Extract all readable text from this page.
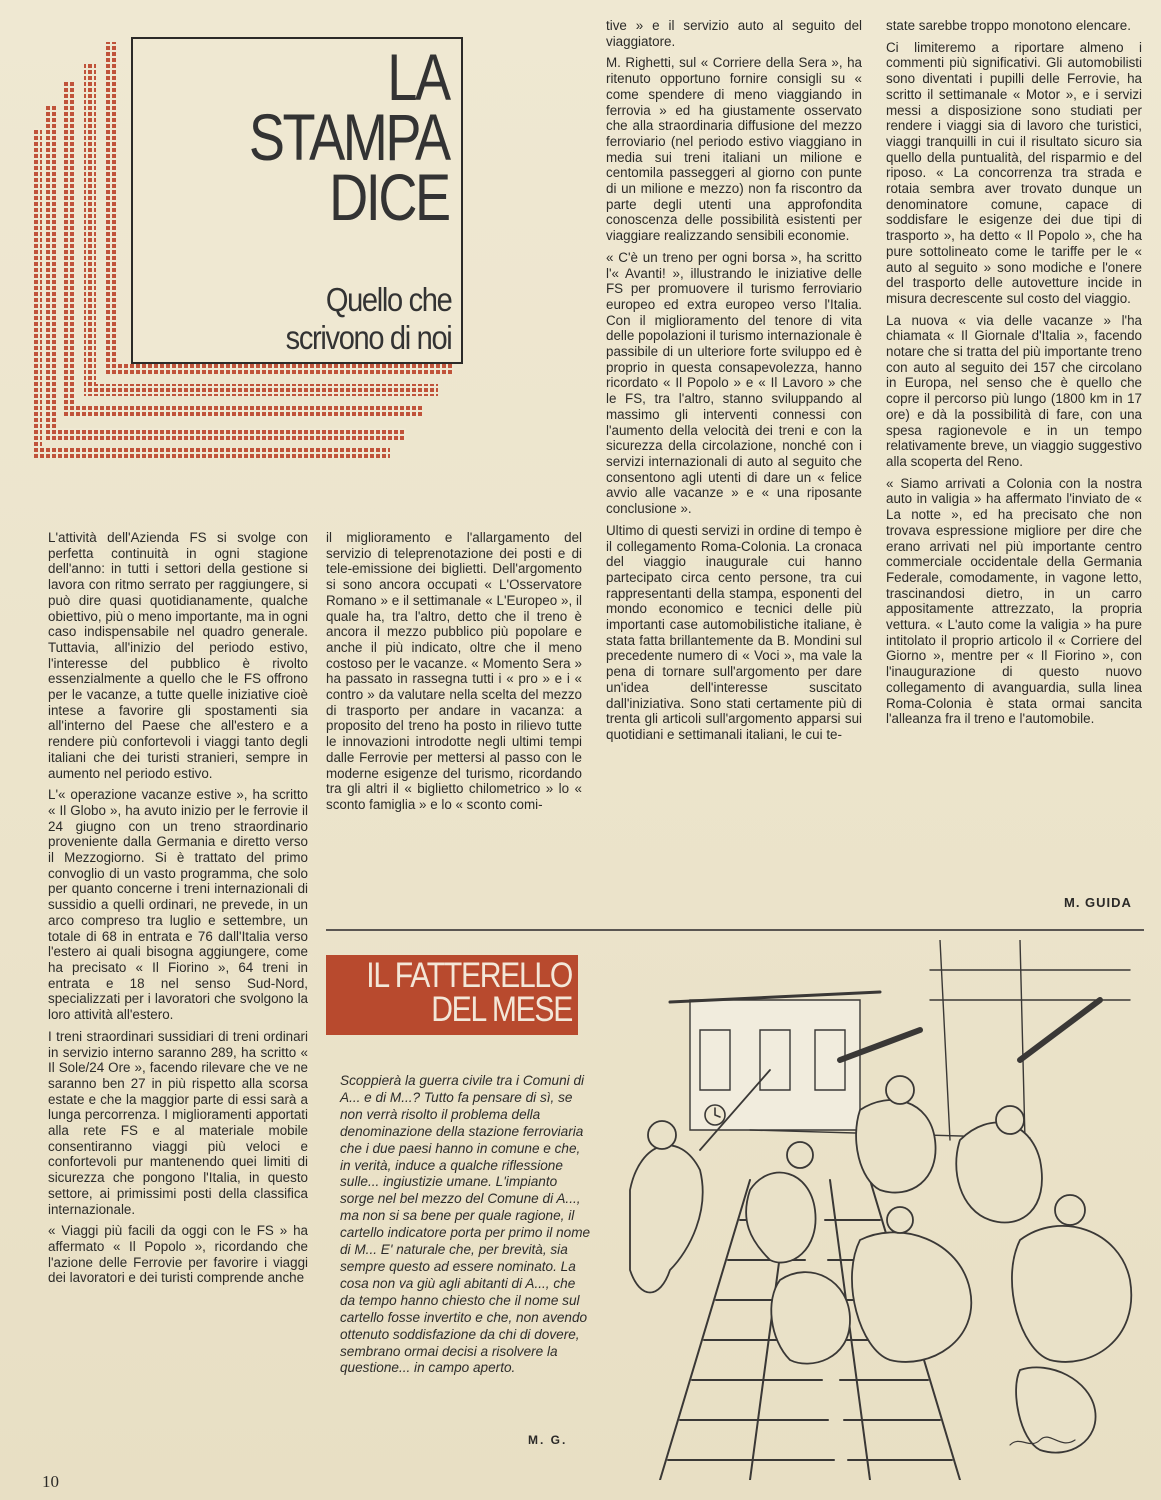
LA
STAMPA
DICE
Quello che
scrivono di noi

L'attività dell'Azienda FS si svolge con perfetta continuità in ogni stagione dell'anno: in tutti i settori della gestione si lavora con ritmo serrato per raggiungere, si può dire quasi quotidianamente, qualche obiettivo, più o meno importante, ma in ogni caso indispensabile nel quadro generale. Tuttavia, all'inizio del periodo estivo, l'interesse del pubblico è rivolto essenzialmente a quello che le FS offrono per le vacanze, a tutte quelle iniziative cioè intese a favorire gli spostamenti sia all'interno del Paese che all'estero e a rendere più confortevoli i viaggi tanto degli italiani che dei turisti stranieri, sempre in aumento nel periodo estivo.

L'« operazione vacanze estive », ha scritto « Il Globo », ha avuto inizio per le ferrovie il 24 giugno con un treno straordinario proveniente dalla Germania e diretto verso il Mezzogiorno. Si è trattato del primo convoglio di un vasto programma, che solo per quanto concerne i treni internazionali di sussidio a quelli ordinari, ne prevede, in un arco compreso tra luglio e settembre, un totale di 68 in entrata e 76 dall'Italia verso l'estero ai quali bisogna aggiungere, come ha precisato « Il Fiorino », 64 treni in entrata e 18 nel senso Sud-Nord, specializzati per i lavoratori che svolgono la loro attività all'estero.

I treni straordinari sussidiari di treni ordinari in servizio interno saranno 289, ha scritto « Il Sole/24 Ore », facendo rilevare che ve ne saranno ben 27 in più rispetto alla scorsa estate e che la maggior parte di essi sarà a lunga percorrenza. I miglioramenti apportati alla rete FS e al materiale mobile consentiranno viaggi più veloci e confortevoli pur mantenendo quei limiti di sicurezza che pongono l'Italia, in questo settore, ai primissimi posti della classifica internazionale.

« Viaggi più facili da oggi con le FS » ha affermato « Il Popolo », ricordando che l'azione delle Ferrovie per favorire i viaggi dei lavoratori e dei turisti comprende anche

il miglioramento e l'allargamento del servizio di teleprenotazione dei posti e di tele-emissione dei biglietti. Dell'argomento si sono ancora occupati « L'Osservatore Romano » e il settimanale « L'Europeo », il quale ha, tra l'altro, detto che il treno è ancora il mezzo pubblico più popolare e anche il più indicato, oltre che il meno costoso per le vacanze. « Momento Sera » ha passato in rassegna tutti i « pro » e i « contro » da valutare nella scelta del mezzo di trasporto per andare in vacanza: a proposito del treno ha posto in rilievo tutte le innovazioni introdotte negli ultimi tempi dalle Ferrovie per mettersi al passo con le moderne esigenze del turismo, ricordando tra gli altri il « biglietto chilometrico » lo « sconto famiglia » e lo « sconto comi-

tive » e il servizio auto al seguito del viaggiatore.

M. Righetti, sul « Corriere della Sera », ha ritenuto opportuno fornire consigli su « come spendere di meno viaggiando in ferrovia » ed ha giustamente osservato che alla straordinaria diffusione del mezzo ferroviario (nel periodo estivo viaggiano in media sui treni italiani un milione e centomila passeggeri al giorno con punte di un milione e mezzo) non fa riscontro da parte degli utenti una approfondita conoscenza delle possibilità esistenti per viaggiare realizzando sensibili economie.

« C'è un treno per ogni borsa », ha scritto l'« Avanti! », illustrando le iniziative delle FS per promuovere il turismo ferroviario europeo ed extra europeo verso l'Italia. Con il miglioramento del tenore di vita delle popolazioni il turismo internazionale è passibile di un ulteriore forte sviluppo ed è proprio in questa consapevolezza, hanno ricordato « Il Popolo » e « Il Lavoro » che le FS, tra l'altro, stanno sviluppando al massimo gli interventi connessi con l'aumento della velocità dei treni e con la sicurezza della circolazione, nonché con i servizi internazionali di auto al seguito che consentono agli utenti di dare un « felice avvio alle vacanze » e « una riposante conclusione ».

Ultimo di questi servizi in ordine di tempo è il collegamento Roma-Colonia. La cronaca del viaggio inaugurale cui hanno partecipato circa cento persone, tra cui rappresentanti della stampa, esponenti del mondo economico e tecnici delle più importanti case automobilistiche italiane, è stata fatta brillantemente da B. Mondini sul precedente numero di « Voci », ma vale la pena di tornare sull'argomento per dare un'idea dell'interesse suscitato dall'iniziativa. Sono stati certamente più di trenta gli articoli sull'argomento apparsi sui quotidiani e settimanali italiani, le cui te-

state sarebbe troppo monotono elencare.

Ci limiteremo a riportare almeno i commenti più significativi. Gli automobilisti sono diventati i pupilli delle Ferrovie, ha scritto il settimanale « Motor », e i servizi messi a disposizione sono studiati per rendere i viaggi sia di lavoro che turistici, viaggi tranquilli in cui il risultato sicuro sia quello della puntualità, del risparmio e del riposo. « La concorrenza tra strada e rotaia sembra aver trovato dunque un denominatore comune, capace di soddisfare le esigenze dei due tipi di trasporto », ha detto « Il Popolo », che ha pure sottolineato come le tariffe per le « auto al seguito » sono modiche e l'onere del trasporto delle autovetture incide in misura decrescente sul costo del viaggio.

La nuova « via delle vacanze » l'ha chiamata « Il Giornale d'Italia », facendo notare che si tratta del più importante treno con auto al seguito dei 157 che circolano in Europa, nel senso che è quello che copre il percorso più lungo (1800 km in 17 ore) e dà la possibilità di fare, con una spesa ragionevole e in un tempo relativamente breve, un viaggio suggestivo alla scoperta del Reno.

« Siamo arrivati a Colonia con la nostra auto in valigia » ha affermato l'inviato de « La notte », ed ha precisato che non trovava espressione migliore per dire che erano arrivati nel più importante centro commerciale occidentale della Germania Federale, comodamente, in vagone letto, trascinandosi dietro, in un carro appositamente attrezzato, la propria vettura. « L'auto come la valigia » ha pure intitolato il proprio articolo il « Corriere del Giorno », mentre per « Il Fiorino », con l'inaugurazione di questo nuovo collegamento di avanguardia, sulla linea Roma-Colonia è stata ormai sancita l'alleanza fra il treno e l'automobile.

M. GUIDA
IL FATTERELLO
DEL MESE
Scoppierà la guerra civile tra i Comuni di A... e di M...? Tutto fa pensare di sì, se non verrà risolto il problema della denominazione della stazione ferroviaria che i due paesi hanno in comune e che, in verità, induce a qualche riflessione sulle... ingiustizie umane. L'impianto sorge nel bel mezzo del Comune di A..., ma non si sa bene per quale ragione, il cartello indicatore porta per primo il nome di M... E' naturale che, per brevità, sia sempre questo ad essere nominato. La cosa non va giù agli abitanti di A..., che da tempo hanno chiesto che il nome sul cartello fosse invertito e che, non avendo ottenuto soddisfazione da chi di dovere, sembrano ormai decisi a risolvere la questione... in campo aperto.
M. G.
10
